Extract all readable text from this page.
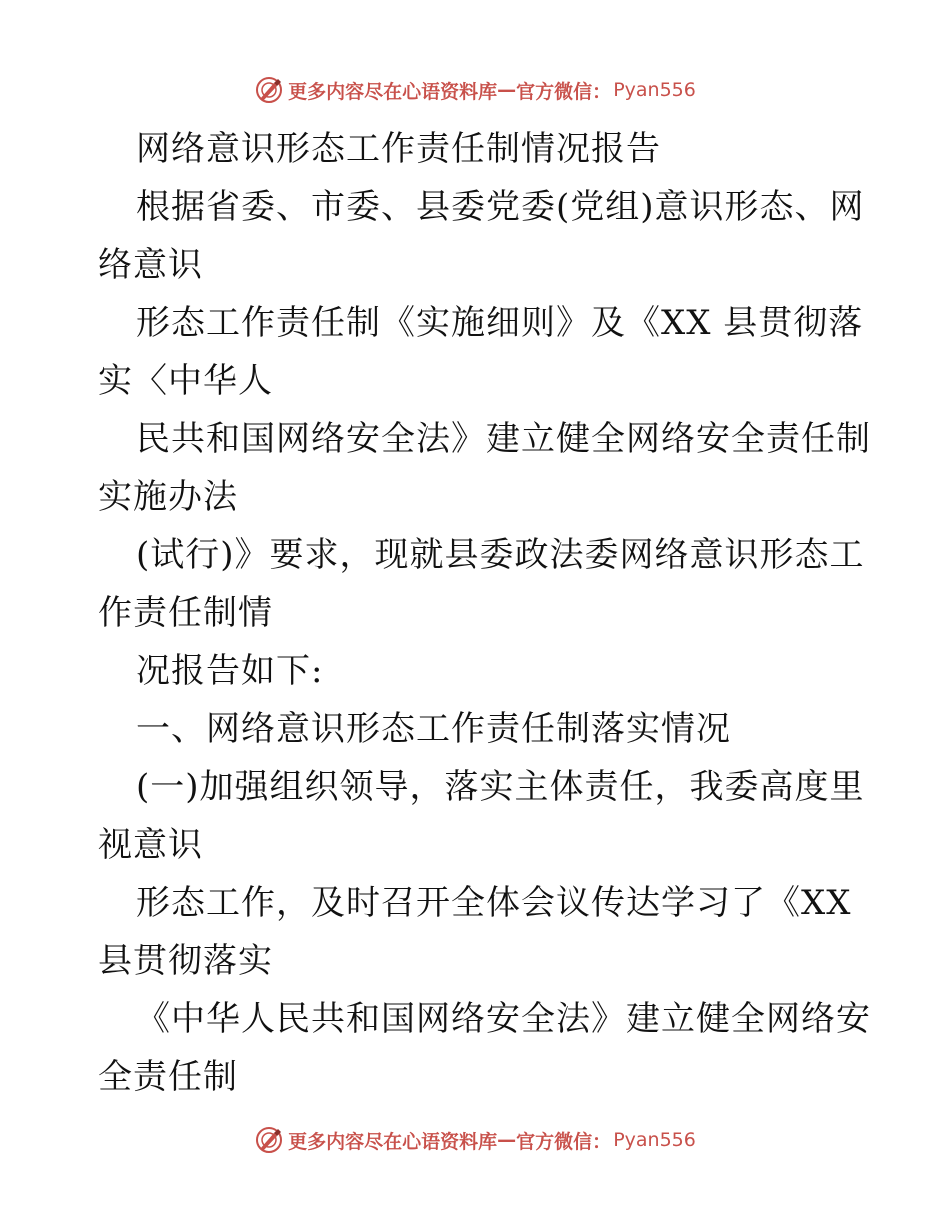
更多内容尽在心语资料库 — 官方微信： Pyan556
网络意识形态工作责任制情况报告
根据省委、市委、县委党委(党组)意识形态、网
络意识
形态工作责任制《实施细则》及《XX 县贯彻落
实〈中华人
民共和国网络安全法》建立健全网络安全责任制
实施办法
(试行)》要求，现就县委政法委网络意识形态工
作责任制情
况报告如下:
一、网络意识形态工作责任制落实情况
(一)加强组织领导，落实主体责任，我委高度里
视意识
形态工作，及时召开全体会议传达学习了《XX
县贯彻落实
《中华人民共和国网络安全法》建立健全网络安
全责任制
更多内容尽在心语资料库 — 官方微信： Pyan556
